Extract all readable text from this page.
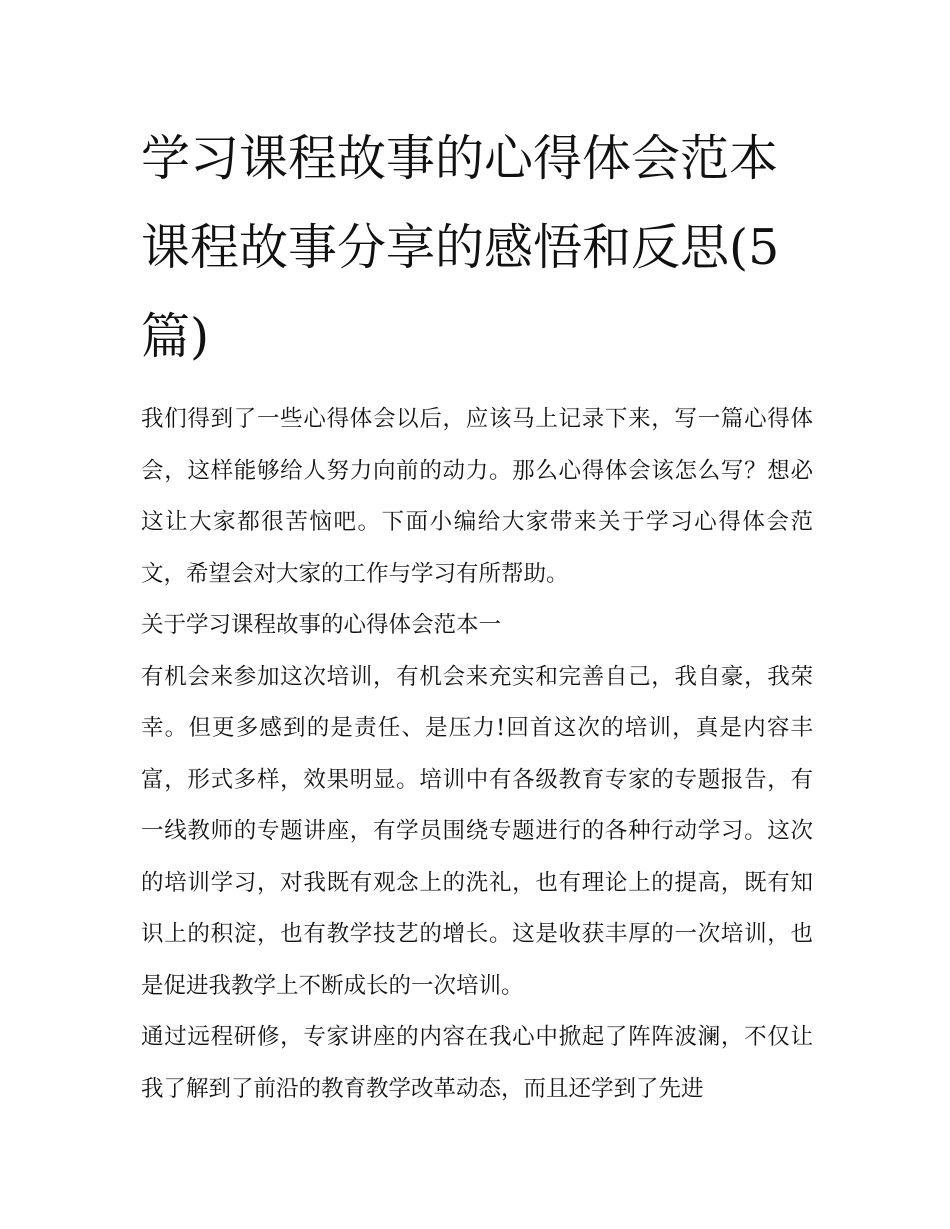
学习课程故事的心得体会范本课程故事分享的感悟和反思(5篇)

我们得到了一些心得体会以后，应该马上记录下来，写一篇心得体会，这样能够给人努力向前的动力。那么心得体会该怎么写？想必这让大家都很苦恼吧。下面小编给大家带来关于学习心得体会范文，希望会对大家的工作与学习有所帮助。

关于学习课程故事的心得体会范本一

有机会来参加这次培训，有机会来充实和完善自己，我自豪，我荣幸。但更多感到的是责任、是压力!回首这次的培训，真是内容丰富，形式多样，效果明显。培训中有各级教育专家的专题报告，有一线教师的专题讲座，有学员围绕专题进行的各种行动学习。这次的培训学习，对我既有观念上的洗礼，也有理论上的提高，既有知识上的积淀，也有教学技艺的增长。这是收获丰厚的一次培训，也是促进我教学上不断成长的一次培训。

通过远程研修，专家讲座的内容在我心中掀起了阵阵波澜，不仅让我了解到了前沿的教育教学改革动态，而且还学到了先进
